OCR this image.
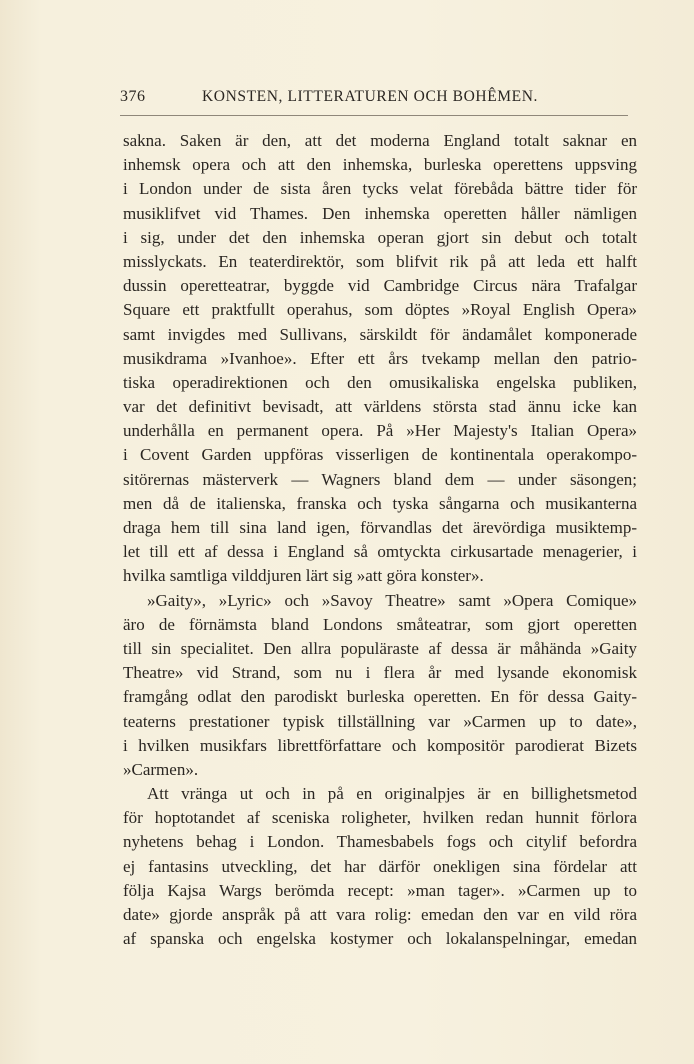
376	KONSTEN, LITTERATUREN OCH BOHÊMEN.
sakna. Saken är den, att det moderna England totalt saknar en
inhemsk opera och att den inhemska, burleska operettens uppsving
i London under de sista åren tycks velat förebåda bättre tider för
musiklifvet vid Thames. Den inhemska operetten håller nämligen
i sig, under det den inhemska operan gjort sin debut och totalt
misslyckats. En teaterdirektör, som blifvit rik på att leda ett halft
dussin operetteatrar, byggde vid Cambridge Circus nära Trafalgar
Square ett praktfullt operahus, som döptes »Royal English Opera»
samt invigdes med Sullivans, särskildt för ändamålet komponerade
musikdrama »Ivanhoe». Efter ett års tvekamp mellan den patrio-
tiska operadirektionen och den omusikaliska engelska publiken,
var det definitivt bevisadt, att världens största stad ännu icke kan
underhålla en permanent opera. På »Her Majesty's Italian Opera»
i Covent Garden uppföras visserligen de kontinentala operakompo-
sitörernas mästerverk — Wagners bland dem — under säsongen;
men då de italienska, franska och tyska sångarna och musikanterna
draga hem till sina land igen, förvandlas det ärevördiga musiktemp-
let till ett af dessa i England så omtyckta cirkusartade menagerier, i
hvilka samtliga vilddjuren lärt sig »att göra konster».
»Gaity», »Lyric» och »Savoy Theatre» samt »Opera Comique»
äro de förnämsta bland Londons småteatrar, som gjort operetten
till sin specialitet. Den allra populäraste af dessa är måhända »Gaity
Theatre» vid Strand, som nu i flera år med lysande ekonomisk
framgång odlat den parodiskt burleska operetten. En för dessa Gaity-
teaterns prestationer typisk tillställning var »Carmen up to date»,
i hvilken musikfars librettförfattare och kompositör parodierat Bizets
»Carmen».
Att vränga ut och in på en originalpjes är en billighetsmetod
för hoptotandet af sceniska roligheter, hvilken redan hunnit förlora
nyhetens behag i London. Thamesbabels fogs och citylif befordra
ej fantasins utveckling, det har därför onekligen sina fördelar att
följa Kajsa Wargs berömda recept: »man tager». »Carmen up to
date» gjorde anspråk på att vara rolig: emedan den var en vild röra
af spanska och engelska kostymer och lokalanspelningar, emedan
